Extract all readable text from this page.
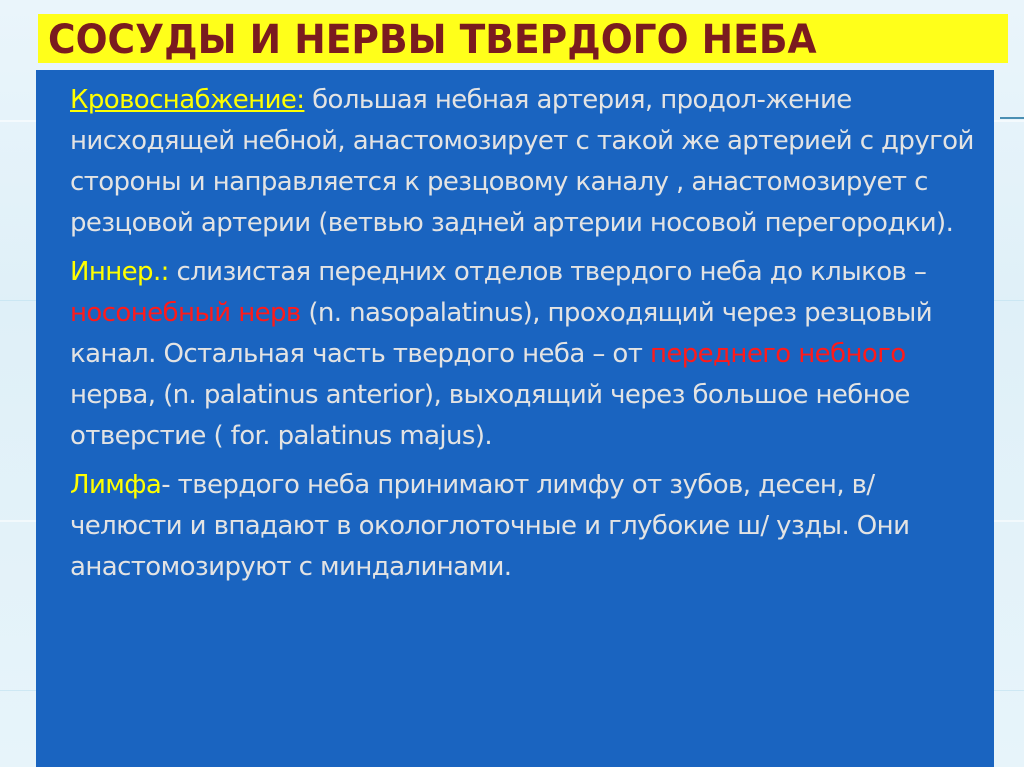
СОСУДЫ И НЕРВЫ ТВЕРДОГО НЕБА

Кровоснабжение: большая небная артерия, продол-жение нисходящей небной, анастомозирует с такой же артерией с другой стороны и направляется к резцовому каналу , анастомозирует с резцовой артерии (ветвью задней артерии носовой перегородки).

Иннер.: слизистая передних отделов твердого неба до клыков – носонебный нерв (n. nasopalatinus), проходящий через резцовый канал. Остальная часть твердого неба – от переднего небного нерва, (n. palatinus anterior), выходящий через большое небное отверстие ( for. palatinus majus).

Лимфа- твердого неба принимают лимфу от зубов, десен, в/челюсти и впадают в окологлоточные и глубокие ш/ узды. Они анастомозируют с миндалинами.
